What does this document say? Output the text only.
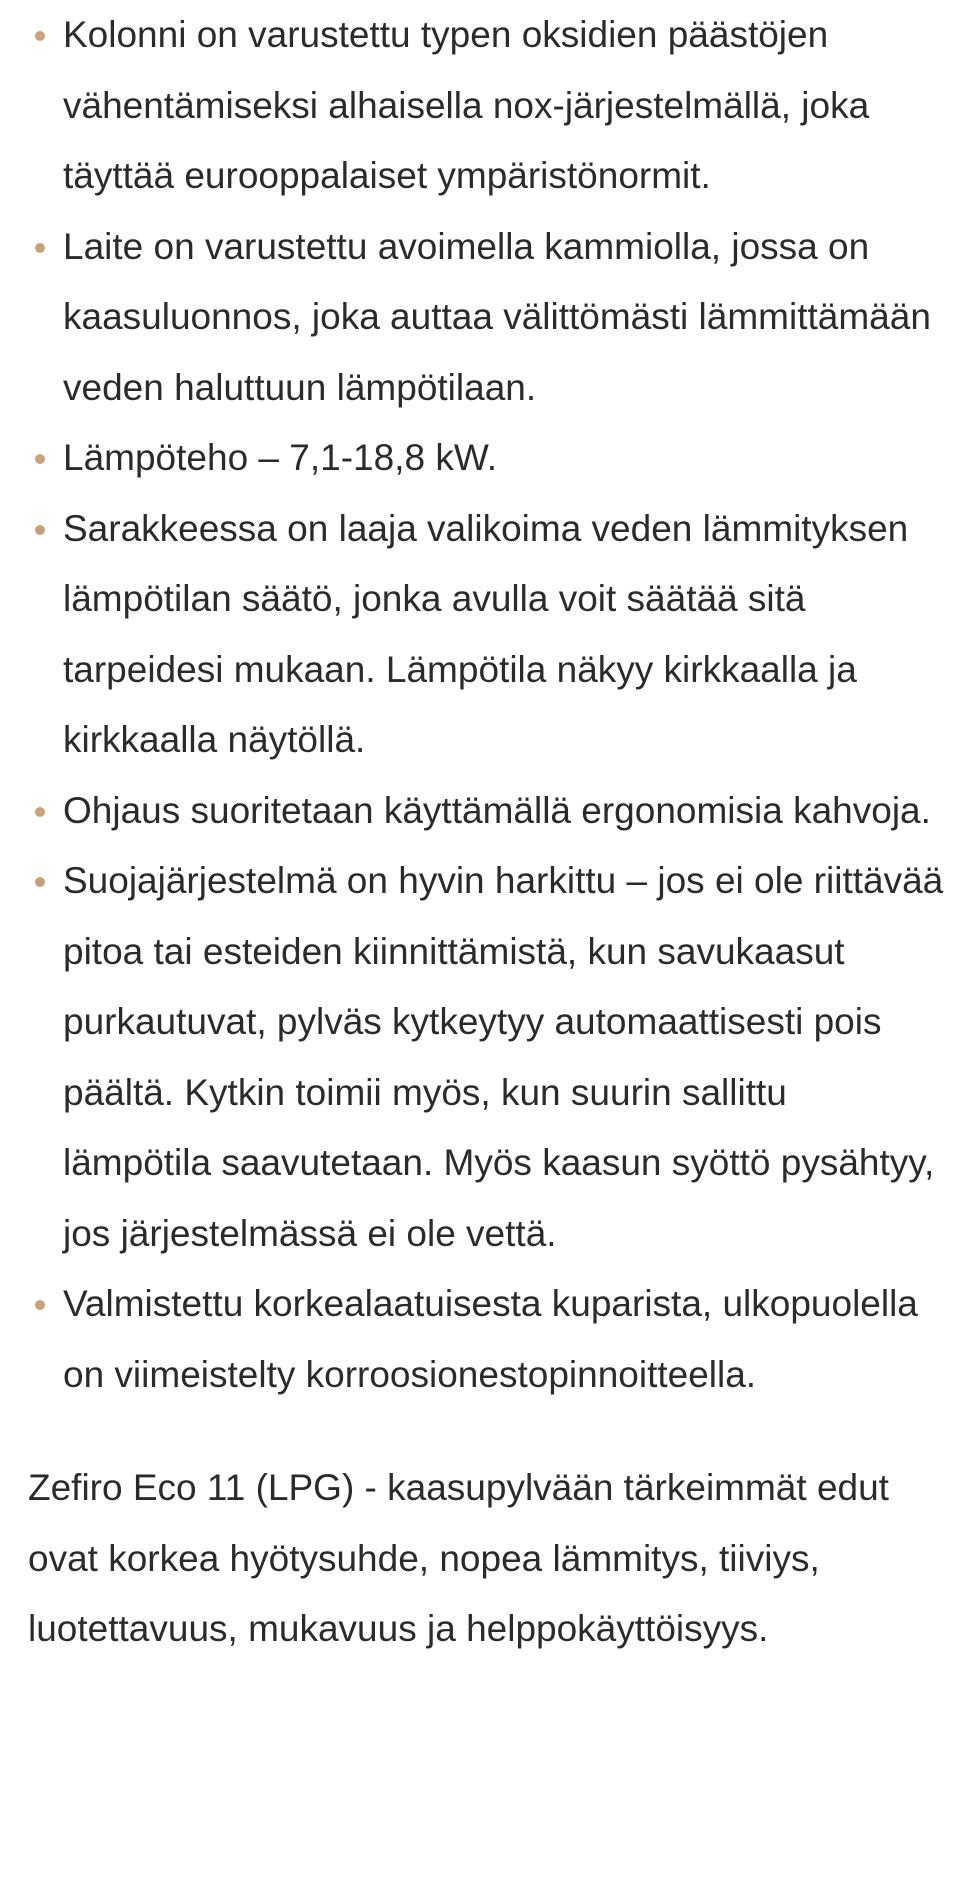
Kolonni on varustettu typen oksidien päästöjen vähentämiseksi alhaisella nox-järjestelmällä, joka täyttää eurooppalaiset ympäristönormit.
Laite on varustettu avoimella kammiolla, jossa on kaasuluonnos, joka auttaa välittömästi lämmittämään veden haluttuun lämpötilaan.
Lämpöteho – 7,1-18,8 kW.
Sarakkeessa on laaja valikoima veden lämmityksen lämpötilan säätö, jonka avulla voit säätää sitä tarpeidesi mukaan. Lämpötila näkyy kirkkaalla ja kirkkaalla näytöllä.
Ohjaus suoritetaan käyttämällä ergonomisia kahvoja.
Suojajärjestelmä on hyvin harkittu – jos ei ole riittävää pitoa tai esteiden kiinnittämistä, kun savukaasut purkautuvat, pylväs kytkeytyy automaattisesti pois päältä. Kytkin toimii myös, kun suurin sallittu lämpötila saavutetaan. Myös kaasun syöttö pysähtyy, jos järjestelmässä ei ole vettä.
Valmistettu korkealaatuisesta kuparista, ulkopuolella on viimeistelty korroosionestopinnoitteella.

Zefiro Eco 11 (LPG) - kaasupylvään tärkeimmät edut ovat korkea hyötysuhde, nopea lämmitys, tiiviys, luotettavuus, mukavuus ja helppokäyttöisyys.
